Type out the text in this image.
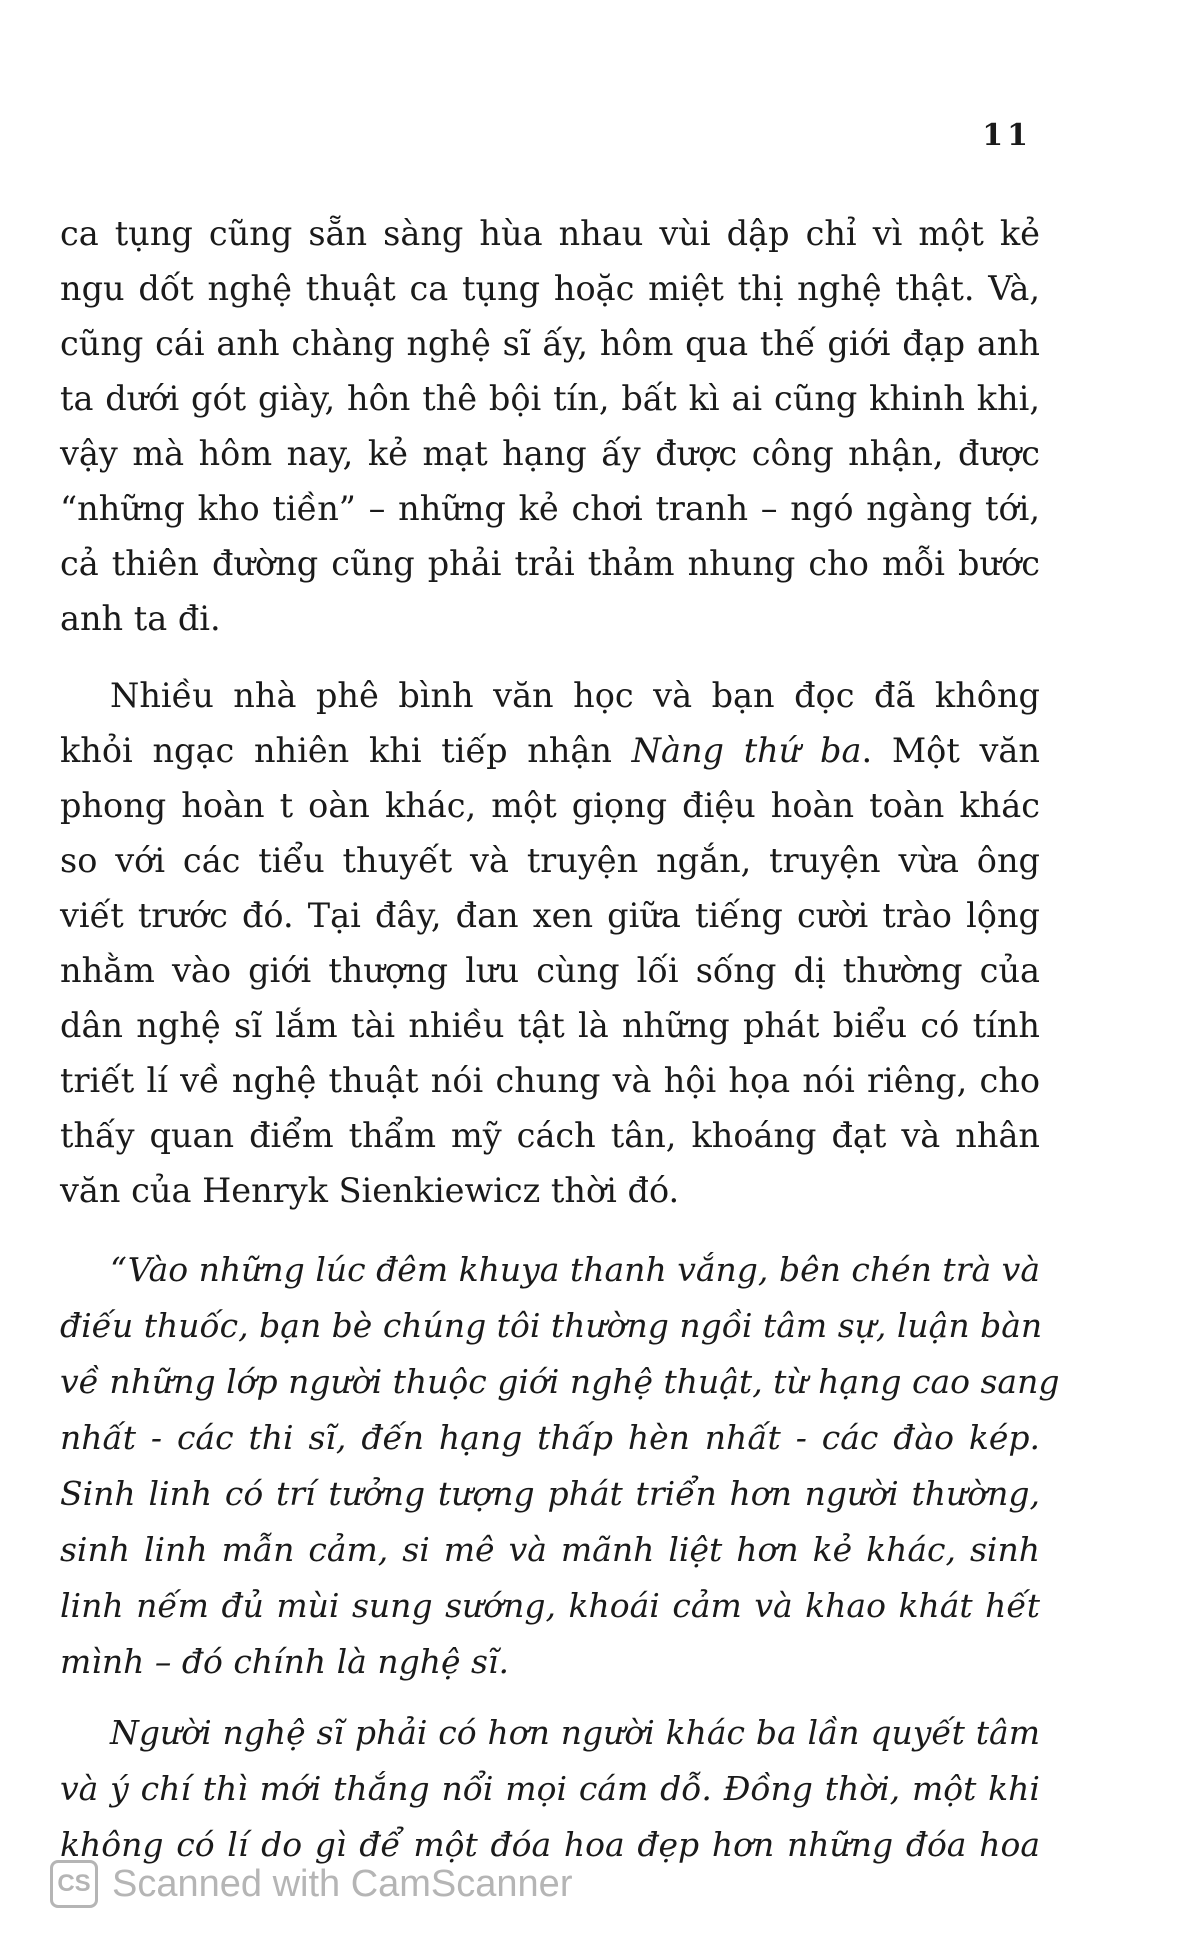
11
ca tụng cũng sẵn sàng hùa nhau vùi dập chỉ vì một kẻ
ngu dốt nghệ thuật ca tụng hoặc miệt thị nghệ thật. Và,
cũng cái anh chàng nghệ sĩ ấy, hôm qua thế giới đạp anh
ta dưới gót giày, hôn thê bội tín, bất kì ai cũng khinh khi,
vậy mà hôm nay, kẻ mạt hạng ấy được công nhận, được
“những kho tiền” – những kẻ chơi tranh – ngó ngàng tới,
cả thiên đường cũng phải trải thảm nhung cho mỗi bước
anh ta đi.
Nhiều nhà phê bình văn học và bạn đọc đã không
khỏi ngạc nhiên khi tiếp nhận Nàng thứ ba. Một văn
phong hoàn t oàn khác, một giọng điệu hoàn toàn khác
so với các tiểu thuyết và truyện ngắn, truyện vừa ông
viết trước đó. Tại đây, đan xen giữa tiếng cười trào lộng
nhằm vào giới thượng lưu cùng lối sống dị thường của
dân nghệ sĩ lắm tài nhiều tật là những phát biểu có tính
triết lí về nghệ thuật nói chung và hội họa nói riêng, cho
thấy quan điểm thẩm mỹ cách tân, khoáng đạt và nhân
văn của Henryk Sienkiewicz thời đó.
“Vào những lúc đêm khuya thanh vắng, bên chén trà và
điếu thuốc, bạn bè chúng tôi thường ngồi tâm sự, luận bàn
về những lớp người thuộc giới nghệ thuật, từ hạng cao sang
nhất - các thi sĩ, đến hạng thấp hèn nhất - các đào kép.
Sinh linh có trí tưởng tượng phát triển hơn người thường,
sinh linh mẫn cảm, si mê và mãnh liệt hơn kẻ khác, sinh
linh nếm đủ mùi sung sướng, khoái cảm và khao khát hết
mình – đó chính là nghệ sĩ.
Người nghệ sĩ phải có hơn người khác ba lần quyết tâm
và ý chí thì mới thắng nổi mọi cám dỗ. Đồng thời, một khi
không có lí do gì để một đóa hoa đẹp hơn những đóa hoa
CS Scanned with CamScanner
